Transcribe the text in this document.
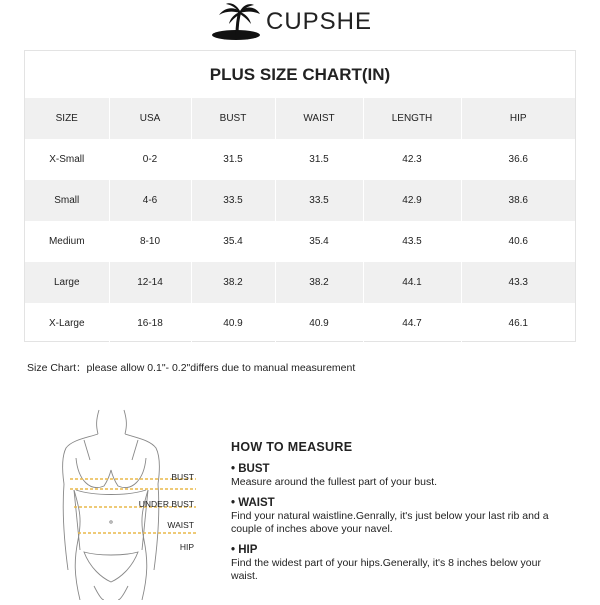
CUPSHE
PLUS SIZE CHART(IN)
SIZE	USA	BUST	WAIST	LENGTH	HIP
X-Small	0-2	31.5	31.5	42.3	36.6
Small	4-6	33.5	33.5	42.9	38.6
Medium	8-10	35.4	35.4	43.5	40.6
Large	12-14	38.2	38.2	44.1	43.3
X-Large	16-18	40.9	40.9	44.7	46.1
Size Chart：please allow 0.1"- 0.2"differs due to manual measurement
BUST
UNDER BUST
WAIST
HIP
HOW TO MEASURE
• BUST
Measure around the fullest part of your bust.
• WAIST
Find your natural waistline.Genrally, it's just below your last rib and a couple of inches above your navel.
• HIP
Find the widest part of your hips.Generally, it's 8 inches below your waist.
